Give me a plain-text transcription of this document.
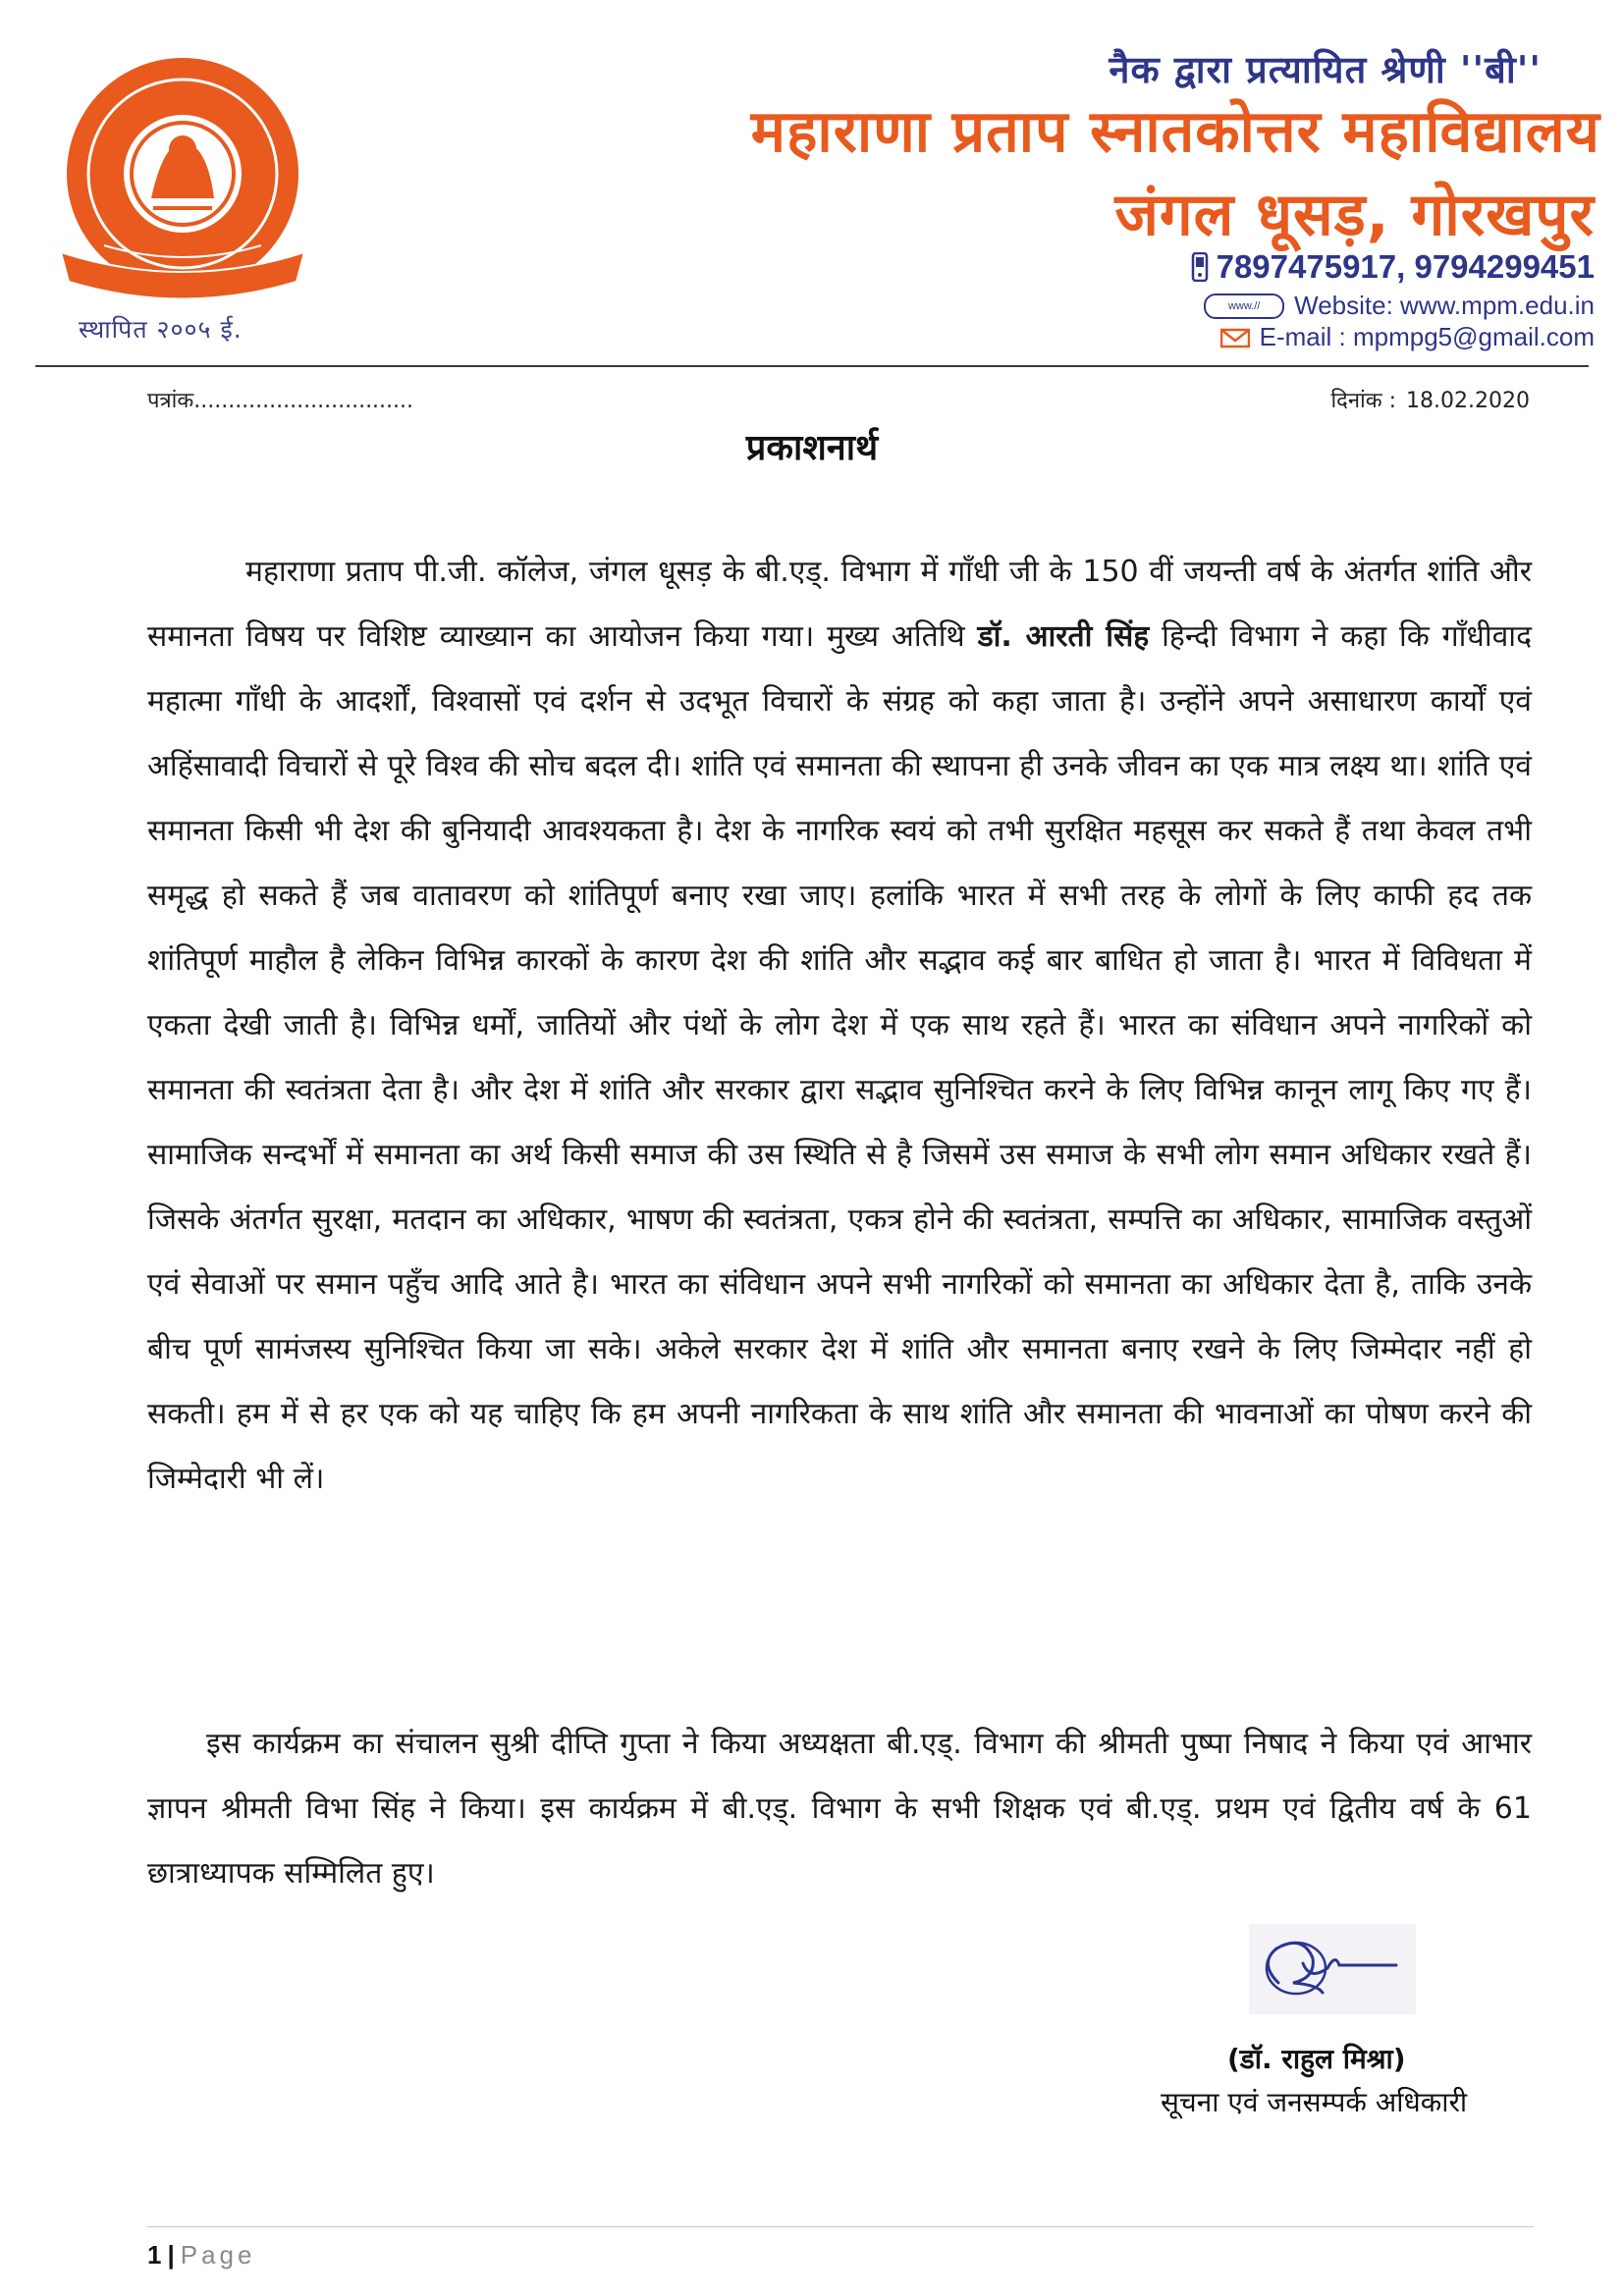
स्थापित २००५ ई.
नैक द्वारा प्रत्यायित श्रेणी ''बी''
महाराणा प्रताप स्नातकोत्तर महाविद्यालय
जंगल धूसड़, गोरखपुर
7897475917, 9794299451
www.//	Website: www.mpm.edu.in
E-mail : mpmpg5@gmail.com
पत्रांक................................	दिनांक : 18.02.2020
प्रकाशनार्थ

महाराणा प्रताप पी.जी. कॉलेज, जंगल धूसड़ के बी.एड्. विभाग में गाँधी जी के 150 वीं जयन्ती वर्ष के अंतर्गत शांति और समानता विषय पर विशिष्ट व्याख्यान का आयोजन किया गया। मुख्य अतिथि डॉ. आरती सिंह हिन्दी विभाग ने कहा कि गाँधीवाद महात्मा गाँधी के आदर्शों, विश्वासों एवं दर्शन से उदभूत विचारों के संग्रह को कहा जाता है। उन्होंने अपने असाधारण कार्यों एवं अहिंसावादी विचारों से पूरे विश्व की सोच बदल दी। शांति एवं समानता की स्थापना ही उनके जीवन का एक मात्र लक्ष्य था। शांति एवं समानता किसी भी देश की बुनियादी आवश्यकता है। देश के नागरिक स्वयं को तभी सुरक्षित महसूस कर सकते हैं तथा केवल तभी समृद्ध हो सकते हैं जब वातावरण को शांतिपूर्ण बनाए रखा जाए। हलांकि भारत में सभी तरह के लोगों के लिए काफी हद तक शांतिपूर्ण माहौल है लेकिन विभिन्न कारकों के कारण देश की शांति और सद्भाव कई बार बाधित हो जाता है। भारत में विविधता में एकता देखी जाती है। विभिन्न धर्मों, जातियों और पंथों के लोग देश में एक साथ रहते हैं। भारत का संविधान अपने नागरिकों को समानता की स्वतंत्रता देता है। और देश में शांति और सरकार द्वारा सद्भाव सुनिश्चित करने के लिए विभिन्न कानून लागू किए गए हैं। सामाजिक सन्दर्भों में समानता का अर्थ किसी समाज की उस स्थिति से है जिसमें उस समाज के सभी लोग समान अधिकार रखते हैं। जिसके अंतर्गत सुरक्षा, मतदान का अधिकार, भाषण की स्वतंत्रता, एकत्र होने की स्वतंत्रता, सम्पत्ति का अधिकार, सामाजिक वस्तुओं एवं सेवाओं पर समान पहुँच आदि आते है। भारत का संविधान अपने सभी नागरिकों को समानता का अधिकार देता है, ताकि उनके बीच पूर्ण सामंजस्य सुनिश्चित किया जा सके। अकेले सरकार देश में शांति और समानता बनाए रखने के लिए जिम्मेदार नहीं हो सकती। हम में से हर एक को यह चाहिए कि हम अपनी नागरिकता के साथ शांति और समानता की भावनाओं का पोषण करने की जिम्मेदारी भी लें।

इस कार्यक्रम का संचालन सुश्री दीप्ति गुप्ता ने किया अध्यक्षता बी.एड्. विभाग की श्रीमती पुष्पा निषाद ने किया एवं आभार ज्ञापन श्रीमती विभा सिंह ने किया। इस कार्यक्रम में बी.एड्. विभाग के सभी शिक्षक एवं बी.एड्. प्रथम एवं द्वितीय वर्ष के 61 छात्राध्यापक सम्मिलित हुए।

(डॉ. राहुल मिश्रा)
सूचना एवं जनसम्पर्क अधिकारी
1 | Page
